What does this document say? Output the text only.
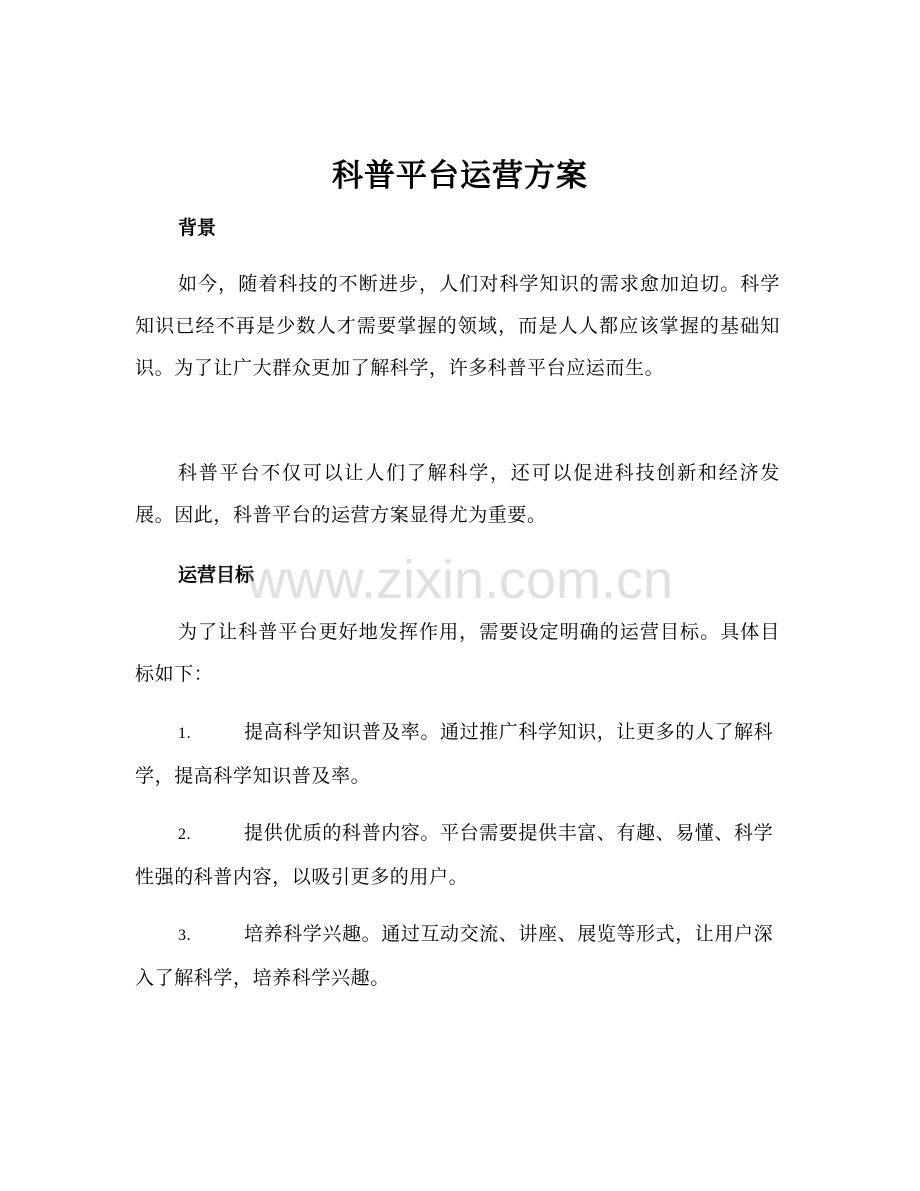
科普平台运营方案
背景
如今，随着科技的不断进步，人们对科学知识的需求愈加迫切。科学知识已经不再是少数人才需要掌握的领域，而是人人都应该掌握的基础知识。为了让广大群众更加了解科学，许多科普平台应运而生。
科普平台不仅可以让人们了解科学，还可以促进科技创新和经济发展。因此，科普平台的运营方案显得尤为重要。
运营目标
为了让科普平台更好地发挥作用，需要设定明确的运营目标。具体目标如下：
1.	提高科学知识普及率。通过推广科学知识，让更多的人了解科学，提高科学知识普及率。
2.	提供优质的科普内容。平台需要提供丰富、有趣、易懂、科学性强的科普内容，以吸引更多的用户。
3.	培养科学兴趣。通过互动交流、讲座、展览等形式，让用户深入了解科学，培养科学兴趣。
www.zixin.com.cn
